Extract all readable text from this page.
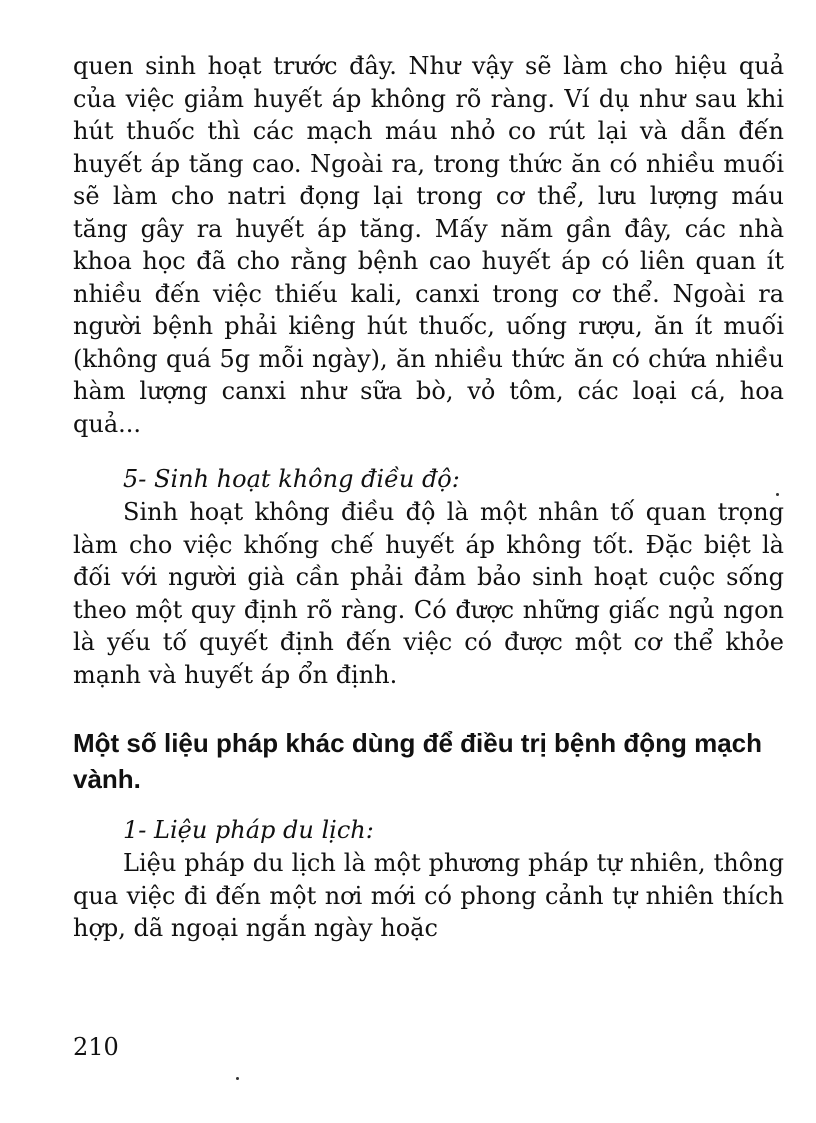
quen sinh hoạt trước đây. Như vậy sẽ làm cho hiệu quả của việc giảm huyết áp không rõ ràng. Ví dụ như sau khi hút thuốc thì các mạch máu nhỏ co rút lại và dẫn đến huyết áp tăng cao. Ngoài ra, trong thức ăn có nhiều muối sẽ làm cho natri đọng lại trong cơ thể, lưu lượng máu tăng gây ra huyết áp tăng. Mấy năm gần đây, các nhà khoa học đã cho rằng bệnh cao huyết áp có liên quan ít nhiều đến việc thiếu kali, canxi trong cơ thể. Ngoài ra người bệnh phải kiêng hút thuốc, uống rượu, ăn ít muối (không quá 5g mỗi ngày), ăn nhiều thức ăn có chứa nhiều hàm lượng canxi như sữa bò, vỏ tôm, các loại cá, hoa quả...

5- Sinh hoạt không điều độ:

Sinh hoạt không điều độ là một nhân tố quan trọng làm cho việc khống chế huyết áp không tốt. Đặc biệt là đối với người già cần phải đảm bảo sinh hoạt cuộc sống theo một quy định rõ ràng. Có được những giấc ngủ ngon là yếu tố quyết định đến việc có được một cơ thể khỏe mạnh và huyết áp ổn định.

Một số liệu pháp khác dùng để điều trị bệnh động mạch vành.

1- Liệu pháp du lịch:

Liệu pháp du lịch là một phương pháp tự nhiên, thông qua việc đi đến một nơi mới có phong cảnh tự nhiên thích hợp, dã ngoại ngắn ngày hoặc

210
